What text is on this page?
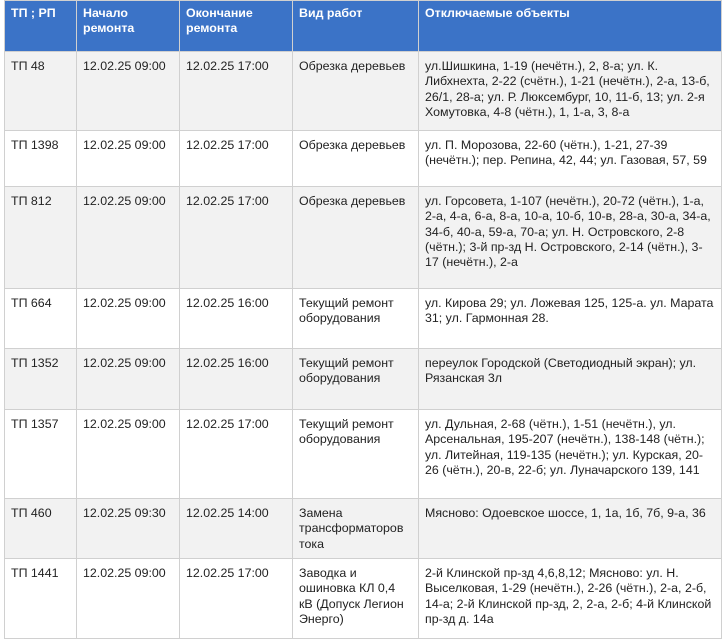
ТП ; РП	Начало ремонта	Окончание ремонта	Вид работ	Отключаемые объекты
ТП 48	12.02.25 09:00	12.02.25 17:00	Обрезка деревьев	ул.Шишкина, 1-19 (нечётн.), 2, 8-а; ул. К. Либхнехта, 2-22 (счётн.), 1-21 (нечётн.), 2-а, 13-б, 26/1, 28-а; ул. Р. Люксембург, 10, 11-б, 13; ул. 2-я Хомутовка, 4-8 (чётн.), 1, 1-а, 3, 8-а
ТП 1398	12.02.25 09:00	12.02.25 17:00	Обрезка деревьев	ул. П. Морозова, 22-60 (чётн.), 1-21, 27-39 (нечётн.); пер. Репина, 42, 44; ул. Газовая, 57, 59
ТП 812	12.02.25 09:00	12.02.25 17:00	Обрезка деревьев	ул. Горсовета, 1-107 (нечётн.), 20-72 (чётн.), 1-а, 2-а, 4-а, 6-а, 8-а, 10-а, 10-б, 10-в, 28-а, 30-а, 34-а, 34-б, 40-а, 59-а, 70-а; ул. Н. Островского, 2-8 (чётн.); 3-й пр-зд Н. Островского, 2-14 (чётн.), 3-17 (нечётн.), 2-а
ТП 664	12.02.25 09:00	12.02.25 16:00	Текущий ремонт оборудования	ул. Кирова 29; ул. Ложевая 125, 125-а. ул. Марата 31; ул. Гармонная 28.
ТП 1352	12.02.25 09:00	12.02.25 16:00	Текущий ремонт оборудования	переулок Городской (Светодиодный экран); ул. Рязанская 3л
ТП 1357	12.02.25 09:00	12.02.25 17:00	Текущий ремонт оборудования	ул. Дульная, 2-68 (чётн.), 1-51 (нечётн.), ул. Арсенальная, 195-207 (нечётн.), 138-148 (чётн.); ул. Литейная, 119-135 (нечётн.); ул. Курская, 20-26 (чётн.), 20-в, 22-б; ул. Луначарского 139, 141
ТП 460	12.02.25 09:30	12.02.25 14:00	Замена трансформаторов тока	Мясново: Одоевское шоссе, 1, 1а, 1б, 7б, 9-а, 36
ТП 1441	12.02.25 09:00	12.02.25 17:00	Заводка и ошиновка КЛ 0,4 кВ (Допуск Легион Энерго)	2-й Клинской пр-зд 4,6,8,12; Мясново: ул. Н. Выселковая, 1-29 (нечётн.), 2-26 (чётн.), 2-а, 2-б, 14-а; 2-й Клинской пр-зд, 2, 2-а, 2-б; 4-й Клинской пр-зд д. 14а
